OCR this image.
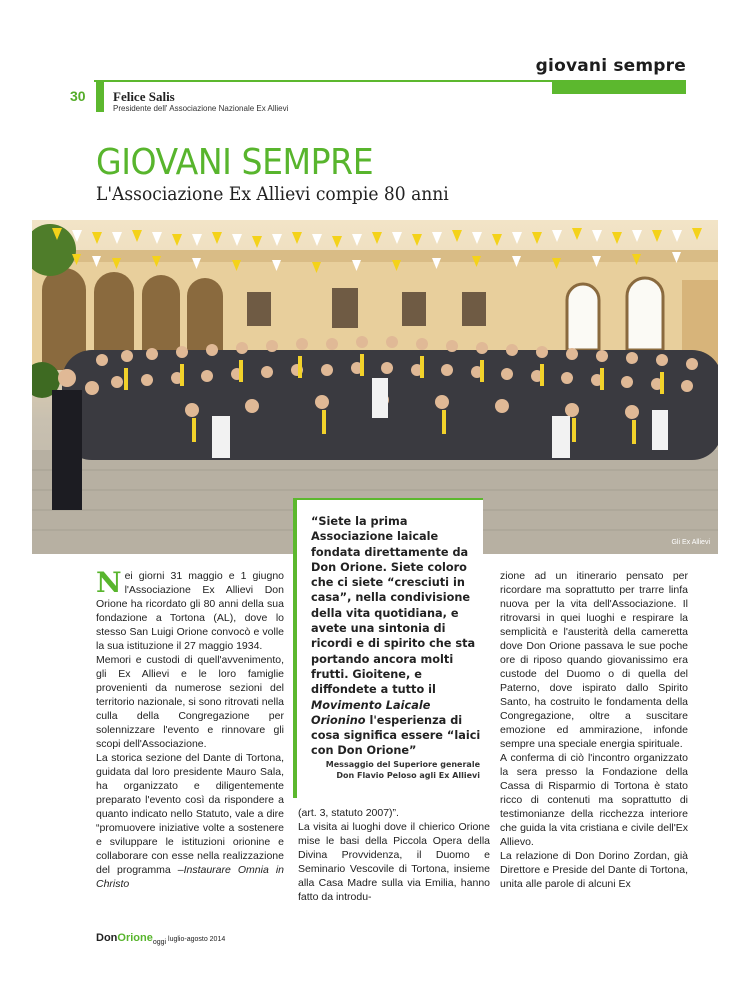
giovani sempre
30 Felice Salis
Presidente dell' Associazione Nazionale Ex Allievi
GIOVANI SEMPRE
L'Associazione Ex Allievi compie 80 anni
Gli Ex Allievi

“Siete la prima Associazione laicale fondata direttamente da Don Orione. Siete coloro che ci siete “cresciuti in casa”, nella condivisione della vita quotidiana, e avete una sintonia di ricordi e di spirito che sta portando ancora molti frutti. Gioitene, e diffondete a tutto il Movimento Laicale Orionino l'esperienza di cosa significa essere “laici con Don Orione”

Messaggio del Superiore generale
Don Flavio Peloso agli Ex Allievi

Nei giorni 31 maggio e 1 giugno l'Associazione Ex Allievi Don Orione ha ricordato gli 80 anni della sua fondazione a Tortona (AL), dove lo stesso San Luigi Orione convocò e volle la sua istituzione il 27 maggio 1934.

Memori e custodi di quell'avvenimento, gli Ex Allievi e le loro famiglie provenienti da numerose sezioni del territorio nazionale, si sono ritrovati nella culla della Congregazione per solennizzare l'evento e rinnovare gli scopi dell'Associazione.

La storica sezione del Dante di Tortona, guidata dal loro presidente Mauro Sala, ha organizzato e diligentemente preparato l'evento così da rispondere a quanto indicato nello Statuto, vale a dire “promuovere iniziative volte a sostenere e sviluppare le istituzioni orionine e collaborare con esse nella realizzazione del programma –Instaurare Omnia in Christo

(art. 3, statuto 2007)”.

La visita ai luoghi dove il chierico Orione mise le basi della Piccola Opera della Divina Provvidenza, il Duomo e Seminario Vescovile di Tortona, insieme alla Casa Madre sulla via Emilia, hanno fatto da introdu-

zione ad un itinerario pensato per ricordare ma soprattutto per trarre linfa nuova per la vita dell'Associazione. Il ritrovarsi in quei luoghi e respirare la semplicità e l'austerità della cameretta dove Don Orione passava le sue poche ore di riposo quando giovanissimo era custode del Duomo o di quella del Paterno, dove ispirato dallo Spirito Santo, ha costruito le fondamenta della Congregazione, oltre a suscitare emozione ed ammirazione, infonde sempre una speciale energia spirituale.

A conferma di ciò l'incontro organizzato la sera presso la Fondazione della Cassa di Risparmio di Tortona è stato ricco di contenuti ma soprattutto di testimonianze della ricchezza interiore che guida la vita cristiana e civile dell'Ex Allievo.

La relazione di Don Dorino Zordan, già Direttore e Preside del Dante di Tortona, unita alle parole di alcuni Ex

DonOrione$_{oggi}$ luglio-agosto 2014
